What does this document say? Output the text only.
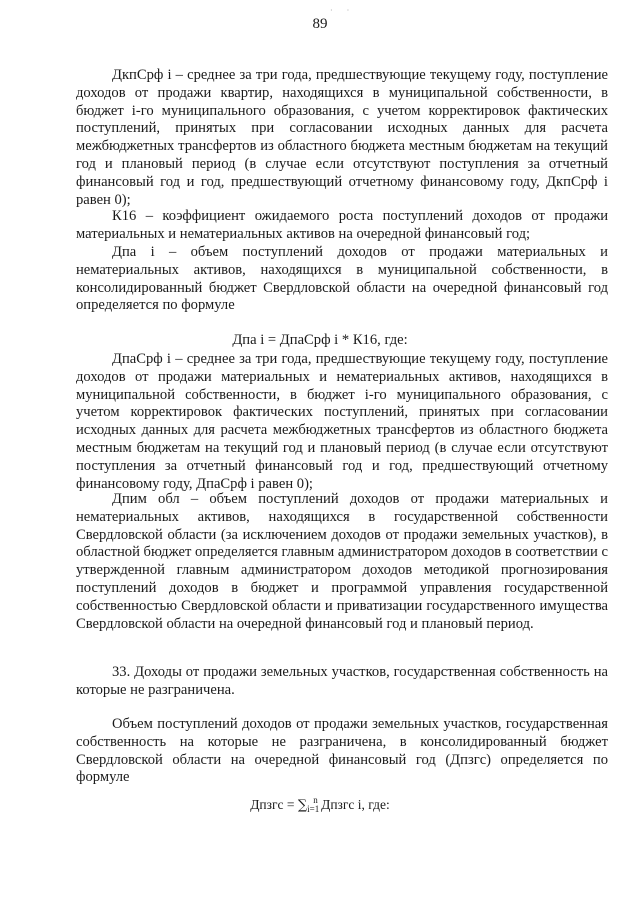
· ·
89

ДкпСрф i – среднее за три года, предшествующие текущему году, поступление доходов от продажи квартир, находящихся в муниципальной собственности, в бюджет i-го муниципального образования, с учетом корректировок фактических поступлений, принятых при согласовании исходных данных для расчета межбюджетных трансфертов из областного бюджета местным бюджетам на текущий год и плановый период (в случае если отсутствуют поступления за отчетный финансовый год и год, предшествующий отчетному финансовому году, ДкпСрф i равен 0);

К16 – коэффициент ожидаемого роста поступлений доходов от продажи материальных и нематериальных активов на очередной финансовый год;

Дпа i – объем поступлений доходов от продажи материальных и нематериальных активов, находящихся в муниципальной собственности, в консолидированный бюджет Свердловской области на очередной финансовый год определяется по формуле

Дпа i = ДпаСрф i * К16, где:

ДпаСрф i – среднее за три года, предшествующие текущему году, поступление доходов от продажи материальных и нематериальных активов, находящихся в муниципальной собственности, в бюджет i-го муниципального образования, с учетом корректировок фактических поступлений, принятых при согласовании исходных данных для расчета межбюджетных трансфертов из областного бюджета местным бюджетам на текущий год и плановый период (в случае если отсутствуют поступления за отчетный финансовый год и год, предшествующий отчетному финансовому году, ДпаСрф i равен 0);

Дпим обл – объем поступлений доходов от продажи материальных и нематериальных активов, находящихся в государственной собственности Свердловской области (за исключением доходов от продажи земельных участков), в областной бюджет определяется главным администратором доходов в соответствии с утвержденной главным администратором доходов методикой прогнозирования поступлений доходов в бюджет и программой управления государственной собственностью Свердловской области и приватизации государственного имущества Свердловской области на очередной финансовый год и плановый период.

33. Доходы от продажи земельных участков, государственная собственность на которые не разграничена.

Объем поступлений доходов от продажи земельных участков, государственная собственность на которые не разграничена, в консолидированный бюджет Свердловской области на очередной финансовый год (Дпзгс) определяется по формуле

Дпзгс = $\sum_{i=1}^n$ Дпзгс i, где:
